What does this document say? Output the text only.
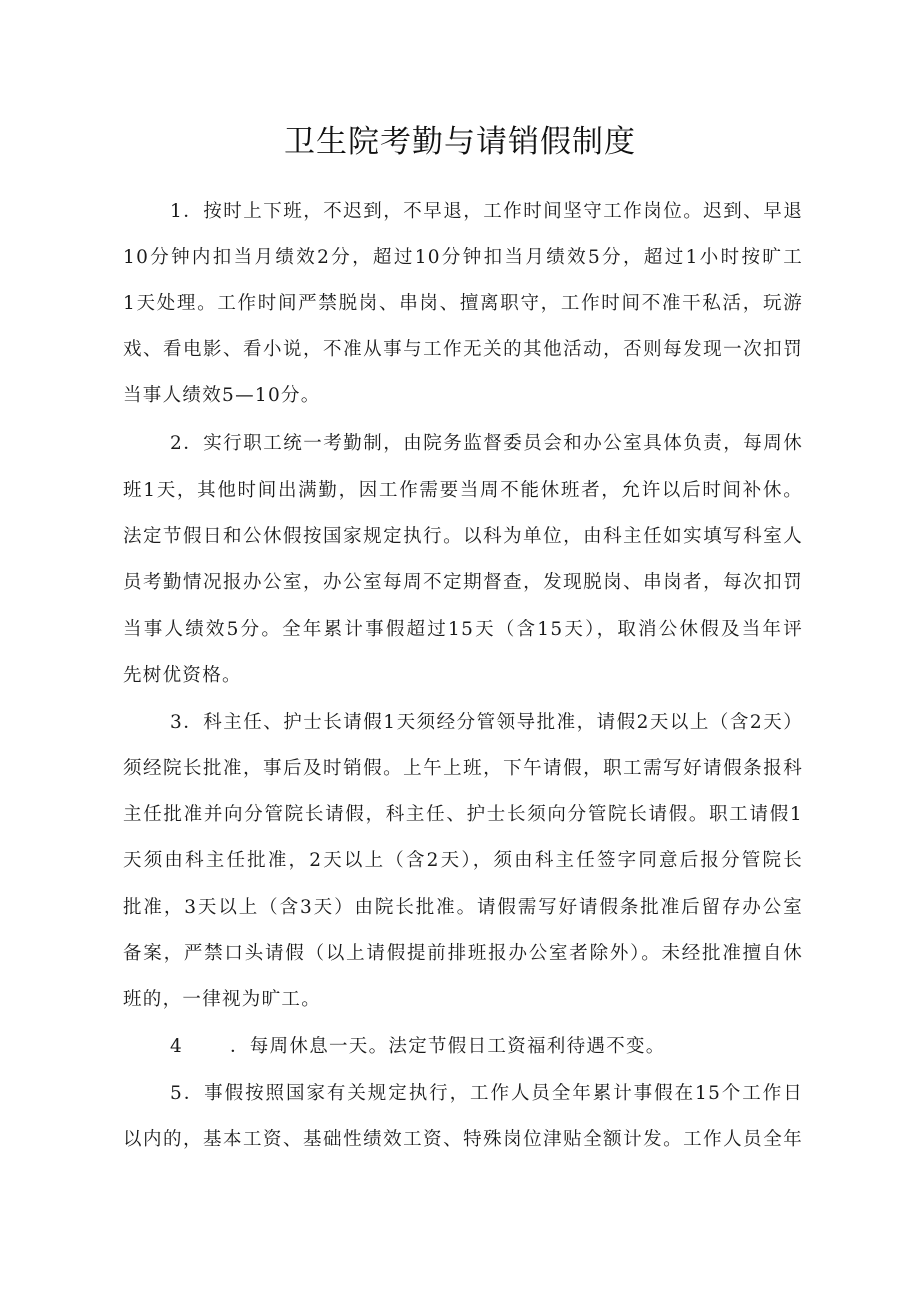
卫生院考勤与请销假制度
1．按时上下班，不迟到，不早退，工作时间坚守工作岗位。迟到、早退
10分钟内扣当月绩效2分，超过10分钟扣当月绩效5分，超过1小时按旷工
1天处理。工作时间严禁脱岗、串岗、擅离职守，工作时间不准干私活，玩游
戏、看电影、看小说，不准从事与工作无关的其他活动，否则每发现一次扣罚
当事人绩效5—10分。
2．实行职工统一考勤制，由院务监督委员会和办公室具体负责，每周休
班1天，其他时间出满勤，因工作需要当周不能休班者，允许以后时间补休。
法定节假日和公休假按国家规定执行。以科为单位，由科主任如实填写科室人
员考勤情况报办公室，办公室每周不定期督查，发现脱岗、串岗者，每次扣罚
当事人绩效5分。全年累计事假超过15天（含15天），取消公休假及当年评
先树优资格。
3．科主任、护士长请假1天须经分管领导批准，请假2天以上（含2天）
须经院长批准，事后及时销假。上午上班，下午请假，职工需写好请假条报科
主任批准并向分管院长请假，科主任、护士长须向分管院长请假。职工请假1
天须由科主任批准，2天以上（含2天），须由科主任签字同意后报分管院长
批准，3天以上（含3天）由院长批准。请假需写好请假条批准后留存办公室
备案，严禁口头请假（以上请假提前排班报办公室者除外）。未经批准擅自休
班的，一律视为旷工。
4	．每周休息一天。法定节假日工资福利待遇不变。
5．事假按照国家有关规定执行，工作人员全年累计事假在15个工作日
以内的，基本工资、基础性绩效工资、特殊岗位津贴全额计发。工作人员全年
